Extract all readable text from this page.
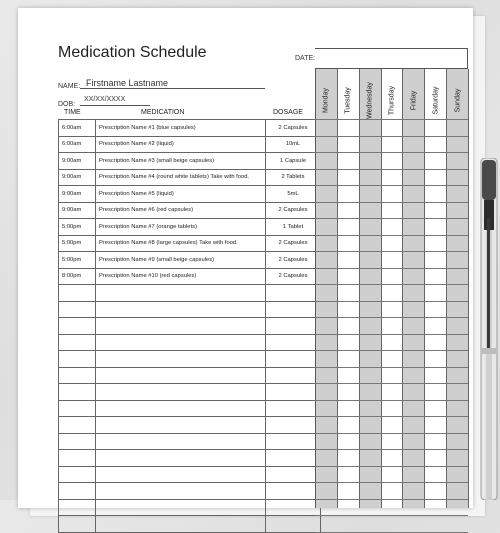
Medication Schedule	DATE:
NAME: Firstname Lastname
DOB:
XX/XX/XXXX
TIME	MEDICATION	DOSAGE
6:00am	Prescription Name #1 (blue capsules)	2 Capsules
6:00am	Prescription Name #2 (liquid)	10mL
9:00am	Prescription Name #3 (small beige capsules)	1 Capsule
9:00am	Prescription Name #4 (round white tablets) Take with food.	2 Tablets
9:00am	Prescription Name #5 (liquid)	5mL
9:00am	Prescription Name #6 (red capsules)	2 Capsules
5:00pm	Prescription Name #7 (orange tablets)	1 Tablet
5:00pm	Prescription Name #8 (large capsules) Take with food.	2 Capsules
5:00pm	Prescription Name #9 (small beige capsules)	2 Capsules
8:00pm	Prescription Name #10 (red capsules)	2 Capsules

Monday Tuesday Wednesday Thursday Friday Saturday Sunday
